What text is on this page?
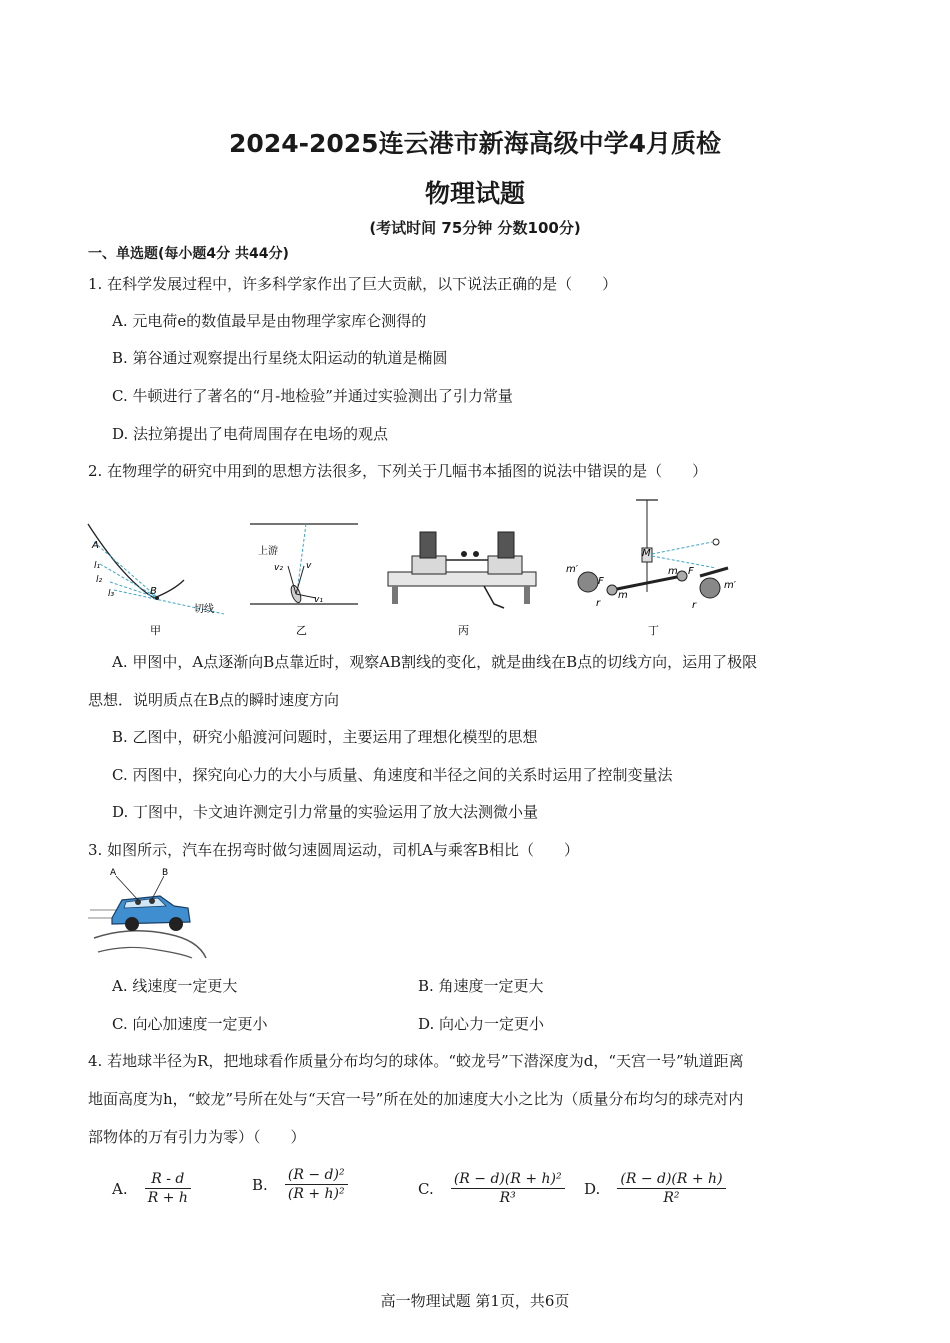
2024-2025连云港市新海高级中学4月质检
物理试题
(考试时间 75分钟 分数100分)
一、单选题(每小题4分 共44分)
1. 在科学发展过程中，许多科学家作出了巨大贡献，以下说法正确的是（　　）
A. 元电荷e的数值最早是由物理学家库仑测得的
B. 第谷通过观察提出行星绕太阳运动的轨道是椭圆
C. 牛顿进行了著名的“月-地检验”并通过实验测出了引力常量
D. 法拉第提出了电荷周围存在电场的观点
2. 在物理学的研究中用到的思想方法很多，下列关于几幅书本插图的说法中错误的是（　　）
A
l₁
l₂
l₃	B
切线
甲
上游
v₂	v
v₁
乙	丙
M
m′
F
m
r
m F
m′
r
丁
A. 甲图中，A点逐渐向B点靠近时，观察AB割线的变化，就是曲线在B点的切线方向，运用了极限
思想．说明质点在B点的瞬时速度方向
B. 乙图中，研究小船渡河问题时，主要运用了理想化模型的思想
C. 丙图中，探究向心力的大小与质量、角速度和半径之间的关系时运用了控制变量法
D. 丁图中，卡文迪许测定引力常量的实验运用了放大法测微小量
3. 如图所示，汽车在拐弯时做匀速圆周运动，司机A与乘客B相比（　　）
A	B
A. 线速度一定更大	B. 角速度一定更大
C. 向心加速度一定更小	D. 向心力一定更小
4. 若地球半径为R，把地球看作质量分布均匀的球体。“蛟龙号”下潜深度为d，“天宫一号”轨道距离
地面高度为h，“蛟龙”号所在处与“天宫一号”所在处的加速度大小之比为（质量分布均匀的球壳对内
部物体的万有引力为零）（　　）
A. $\frac{R - d}{R + h}$	B. $\frac{\text{(R − d)²}}{\text{(R + h)²}}$	C. $\frac{\text{(R − d)(R + h)²}}{\text{R³}} D$. $\frac{(R - d)(R + h)}{\text{R²}}$
高一物理试题 第1页，共6页
